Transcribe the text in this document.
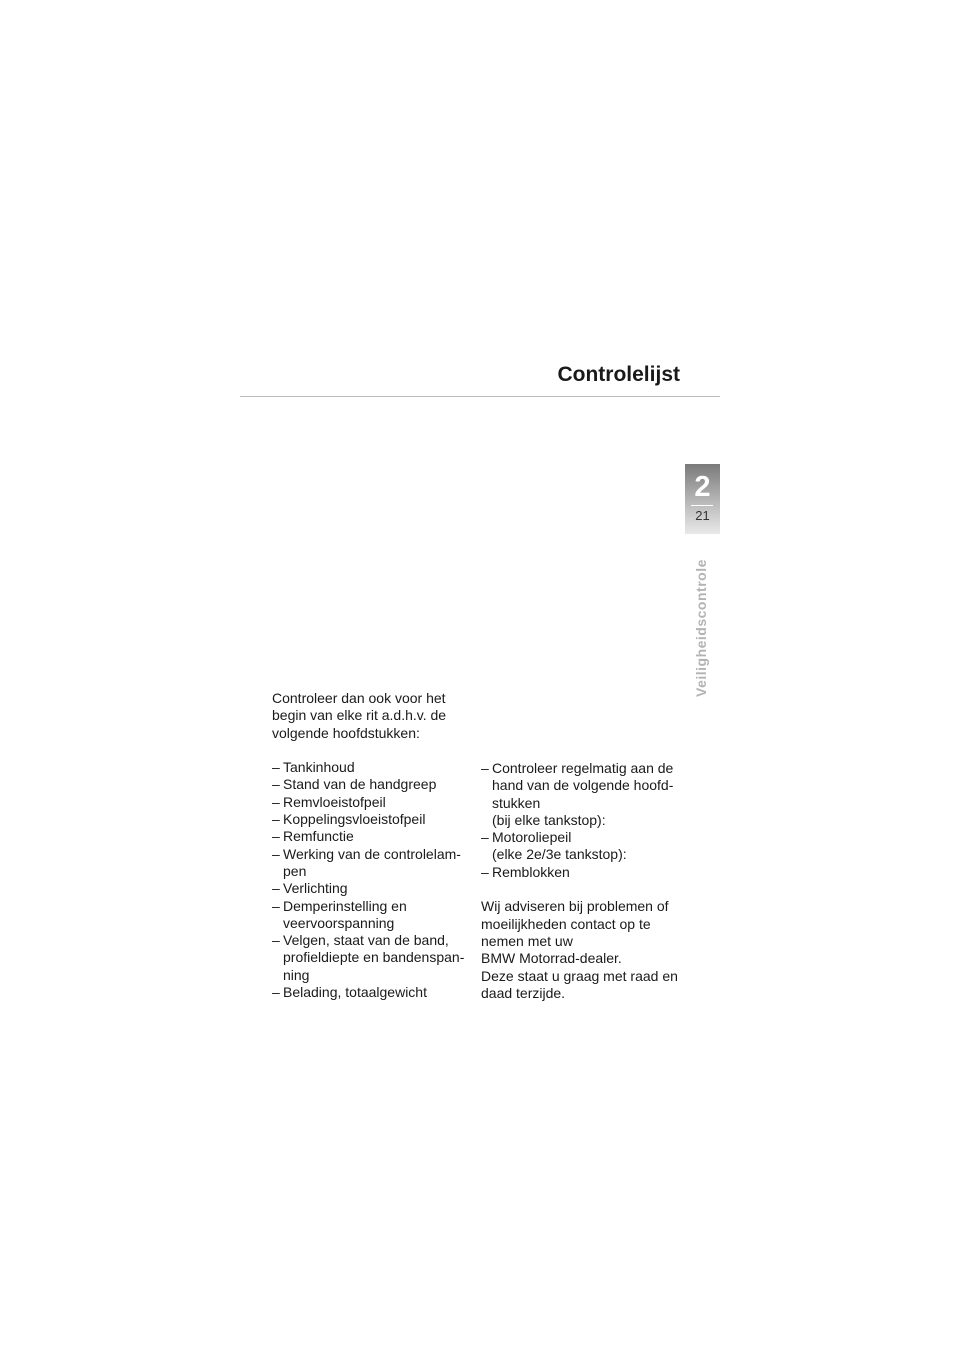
Controlelijst
2
21
Veiligheidscontrole

Controleer dan ook voor het
begin van elke rit a.d.h.v. de
volgende hoofdstukken:

– Tankinhoud
– Stand van de handgreep
– Remvloeistofpeil
– Koppelingsvloeistofpeil
– Remfunctie
– Werking van de controlelam-
pen
– Verlichting
– Demperinstelling en
veervoorspanning
– Velgen, staat van de band,
profieldiepte en bandenspan-
ning
– Belading, totaalgewicht
– Controleer regelmatig aan de
hand van de volgende hoofd-
stukken
(bij elke tankstop):
– Motoroliepeil
(elke 2e/3e tankstop):
– Remblokken

Wij adviseren bij problemen of
moeilijkheden contact op te
nemen met uw
BMW Motorrad-dealer.
Deze staat u graag met raad en
daad terzijde.
